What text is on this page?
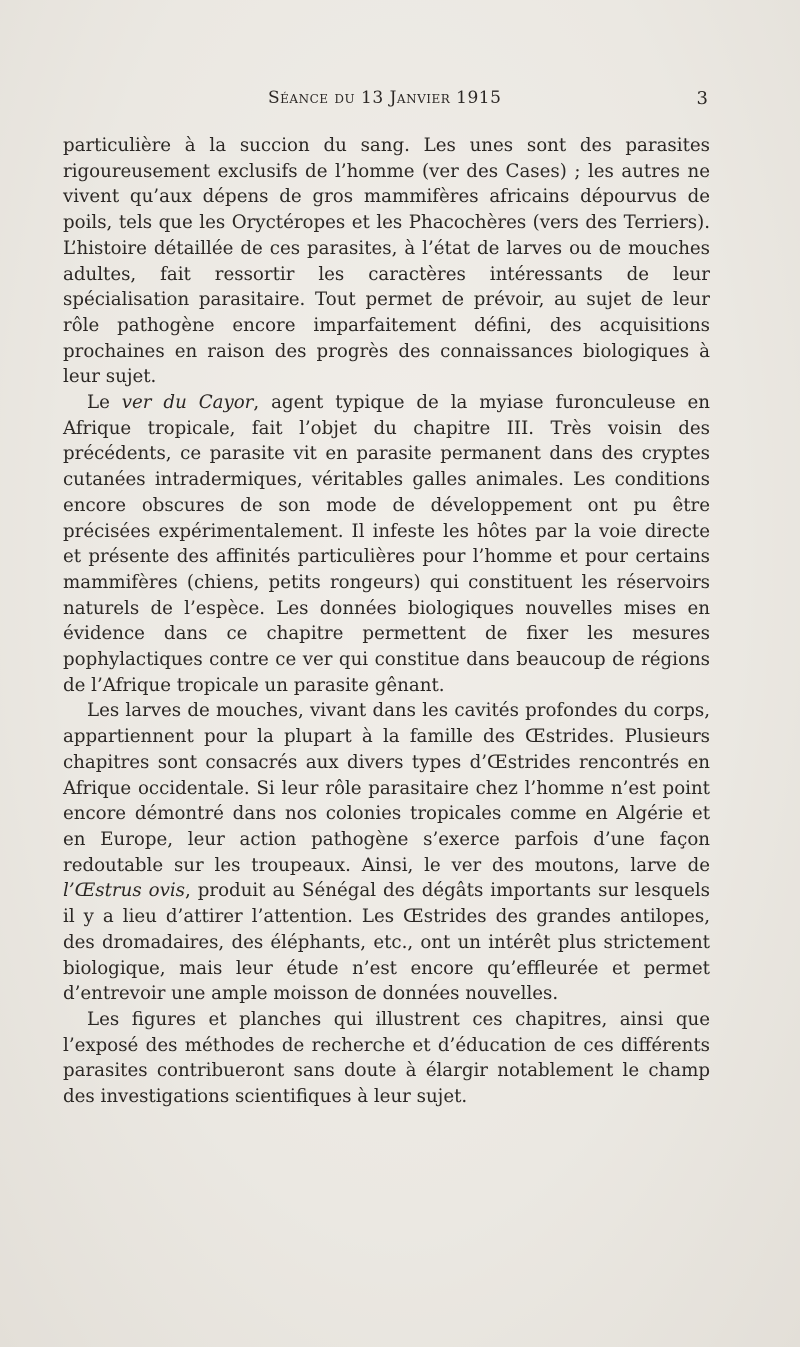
Séance du 13 Janvier 1915	3

particulière à la succion du sang. Les unes sont des parasites rigoureusement exclusifs de l’homme (ver des Cases) ; les autres ne vivent qu’aux dépens de gros mammifères africains dépourvus de poils, tels que les Oryctéropes et les Phacochères (vers des Terriers). L’histoire détaillée de ces parasites, à l’état de larves ou de mouches adultes, fait ressortir les caractères intéressants de leur spécialisation parasitaire. Tout permet de prévoir, au sujet de leur rôle pathogène encore imparfaitement défini, des acquisitions prochaines en raison des progrès des connaissances biologiques à leur sujet.

Le ver du Cayor, agent typique de la myiase furonculeuse en Afrique tropicale, fait l’objet du chapitre III. Très voisin des précédents, ce parasite vit en parasite permanent dans des cryptes cutanées intradermiques, véritables galles animales. Les conditions encore obscures de son mode de développement ont pu être précisées expérimentalement. Il infeste les hôtes par la voie directe et présente des affinités particulières pour l’homme et pour certains mammifères (chiens, petits rongeurs) qui constituent les réservoirs naturels de l’espèce. Les données biologiques nouvelles mises en évidence dans ce chapitre permettent de fixer les mesures pophylactiques contre ce ver qui constitue dans beaucoup de régions de l’Afrique tropicale un parasite gênant.

Les larves de mouches, vivant dans les cavités profondes du corps, appartiennent pour la plupart à la famille des Œstrides. Plusieurs chapitres sont consacrés aux divers types d’Œstrides rencontrés en Afrique occidentale. Si leur rôle parasitaire chez l’homme n’est point encore démontré dans nos colonies tropicales comme en Algérie et en Europe, leur action pathogène s’exerce parfois d’une façon redoutable sur les troupeaux. Ainsi, le ver des moutons, larve de l’Œstrus ovis, produit au Sénégal des dégâts importants sur lesquels il y a lieu d’attirer l’attention. Les Œstrides des grandes antilopes, des dromadaires, des éléphants, etc., ont un intérêt plus strictement biologique, mais leur étude n’est encore qu’effleurée et permet d’entrevoir une ample moisson de données nouvelles.

Les figures et planches qui illustrent ces chapitres, ainsi que l’exposé des méthodes de recherche et d’éducation de ces différents parasites contribueront sans doute à élargir notablement le champ des investigations scientifiques à leur sujet.
